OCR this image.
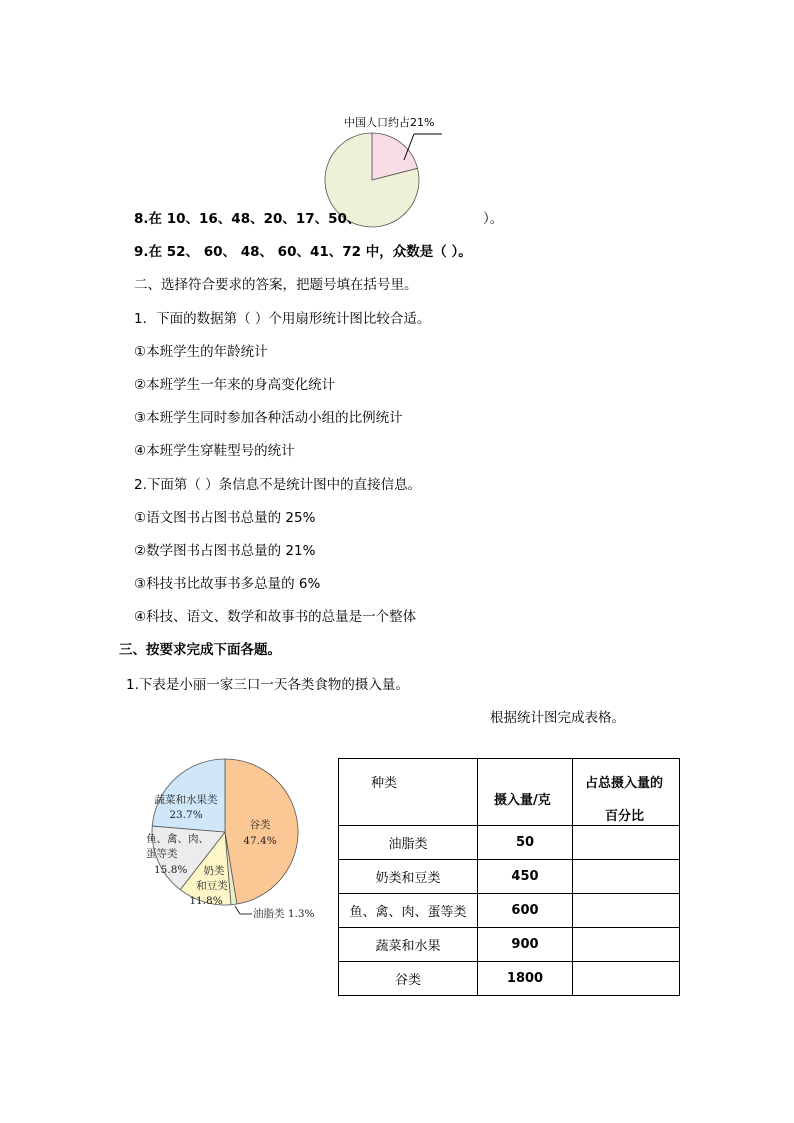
中国人口约占21%
8.在 10、16、48、20、17、50、	）。
9.在 52、 60、 48、 60、41、72 中，众数是（ ）。
二、选择符合要求的答案，把题号填在括号里。
1．下面的数据第（ ）个用扇形统计图比较合适。
①本班学生的年龄统计
②本班学生一年来的身高变化统计
③本班学生同时参加各种活动小组的比例统计
④本班学生穿鞋型号的统计
2.下面第（ ）条信息不是统计图中的直接信息。
①语文图书占图书总量的 25%
②数学图书占图书总量的 21%
③科技书比故事书多总量的 6%
④科技、语文、数学和故事书的总量是一个整体
三、按要求完成下面各题。
1.下表是小丽一家三口一天各类食物的摄入量。
根据统计图完成表格。
谷类
47.4%
蔬菜和水果类
23.7%
鱼、禽、肉、
蛋等类
15.8% 奶类
和豆类
11.8%
油脂类 1.3%
种类	摄入量/克	占总摄入量的
百分比

油脂类	50	
奶类和豆类	450	
鱼、禽、肉、蛋等类	600	
蔬菜和水果	900	
谷类	1800	
